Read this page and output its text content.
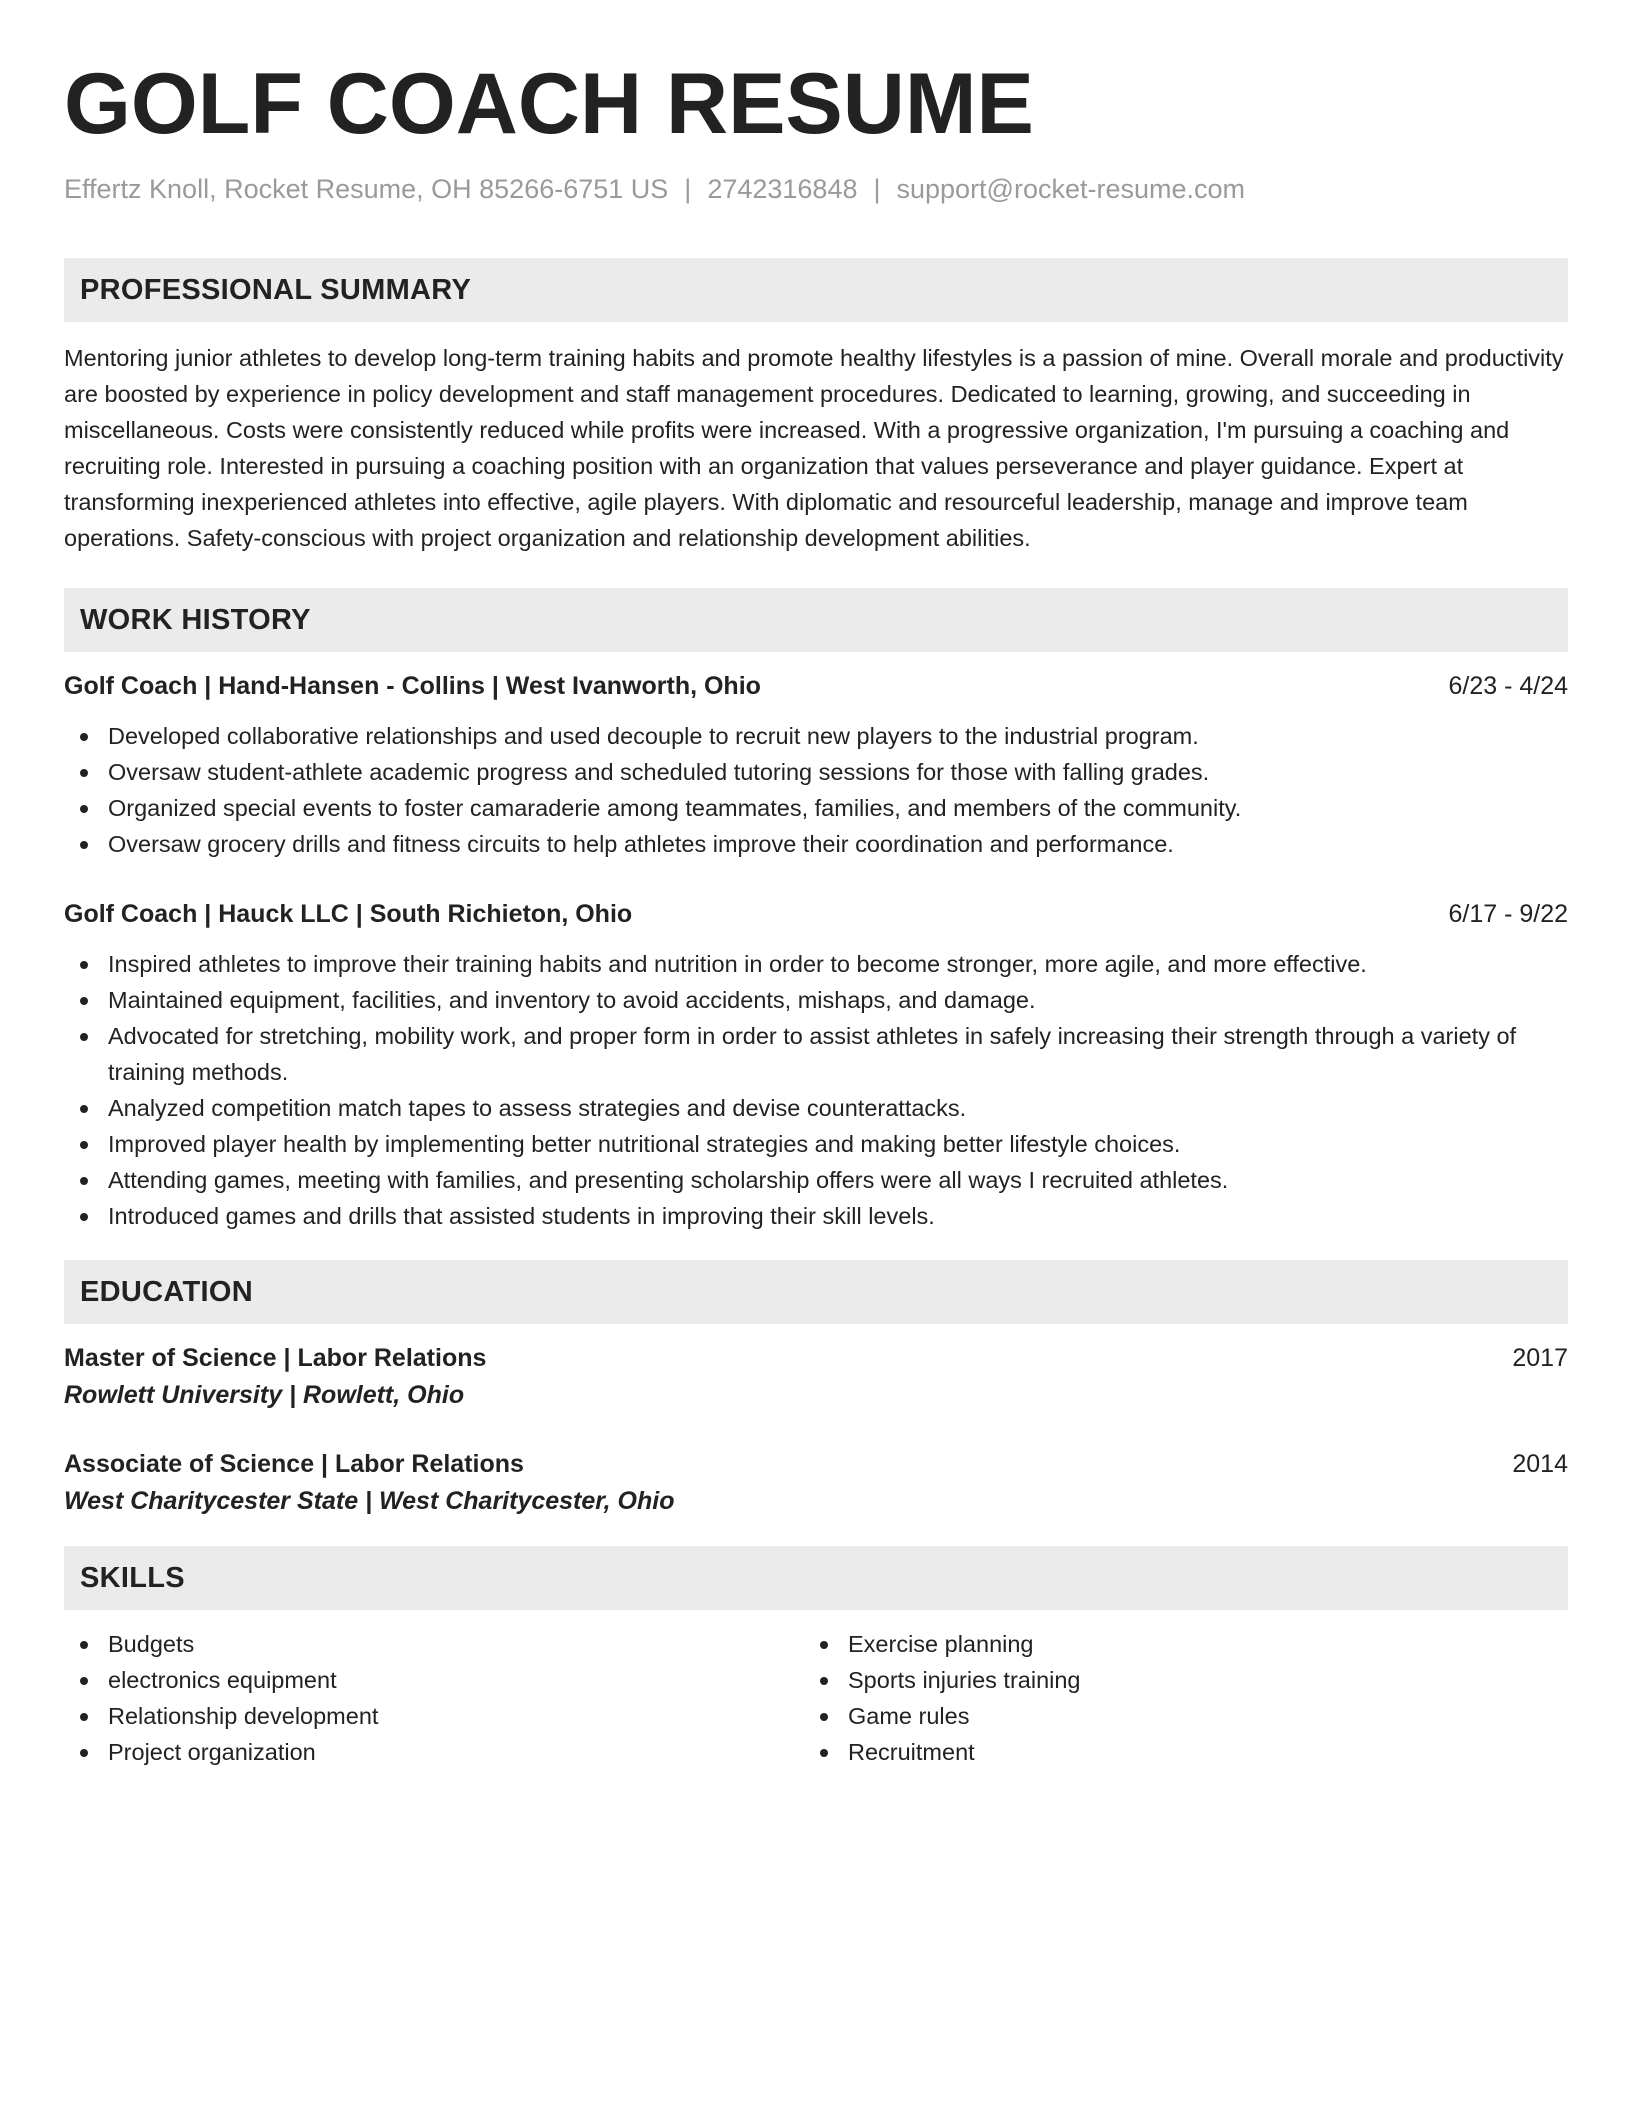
GOLF COACH RESUME
Effertz Knoll, Rocket Resume, OH 85266-6751 US | 2742316848 | support@rocket-resume.com
PROFESSIONAL SUMMARY
Mentoring junior athletes to develop long-term training habits and promote healthy lifestyles is a passion of mine. Overall morale and productivity are boosted by experience in policy development and staff management procedures. Dedicated to learning, growing, and succeeding in miscellaneous. Costs were consistently reduced while profits were increased. With a progressive organization, I'm pursuing a coaching and recruiting role. Interested in pursuing a coaching position with an organization that values perseverance and player guidance. Expert at transforming inexperienced athletes into effective, agile players. With diplomatic and resourceful leadership, manage and improve team operations. Safety-conscious with project organization and relationship development abilities.
WORK HISTORY
Golf Coach | Hand-Hansen - Collins | West Ivanworth, Ohio	6/23 - 4/24
Developed collaborative relationships and used decouple to recruit new players to the industrial program.
Oversaw student-athlete academic progress and scheduled tutoring sessions for those with falling grades.
Organized special events to foster camaraderie among teammates, families, and members of the community.
Oversaw grocery drills and fitness circuits to help athletes improve their coordination and performance.
Golf Coach | Hauck LLC | South Richieton, Ohio	6/17 - 9/22
Inspired athletes to improve their training habits and nutrition in order to become stronger, more agile, and more effective.
Maintained equipment, facilities, and inventory to avoid accidents, mishaps, and damage.
Advocated for stretching, mobility work, and proper form in order to assist athletes in safely increasing their strength through a variety of training methods.
Analyzed competition match tapes to assess strategies and devise counterattacks.
Improved player health by implementing better nutritional strategies and making better lifestyle choices.
Attending games, meeting with families, and presenting scholarship offers were all ways I recruited athletes.
Introduced games and drills that assisted students in improving their skill levels.
EDUCATION
Master of Science | Labor Relations	2017
Rowlett University | Rowlett, Ohio
Associate of Science | Labor Relations	2014
West Charitycester State | West Charitycester, Ohio
SKILLS
Budgets
electronics equipment
Relationship development
Project organization
Exercise planning
Sports injuries training
Game rules
Recruitment
